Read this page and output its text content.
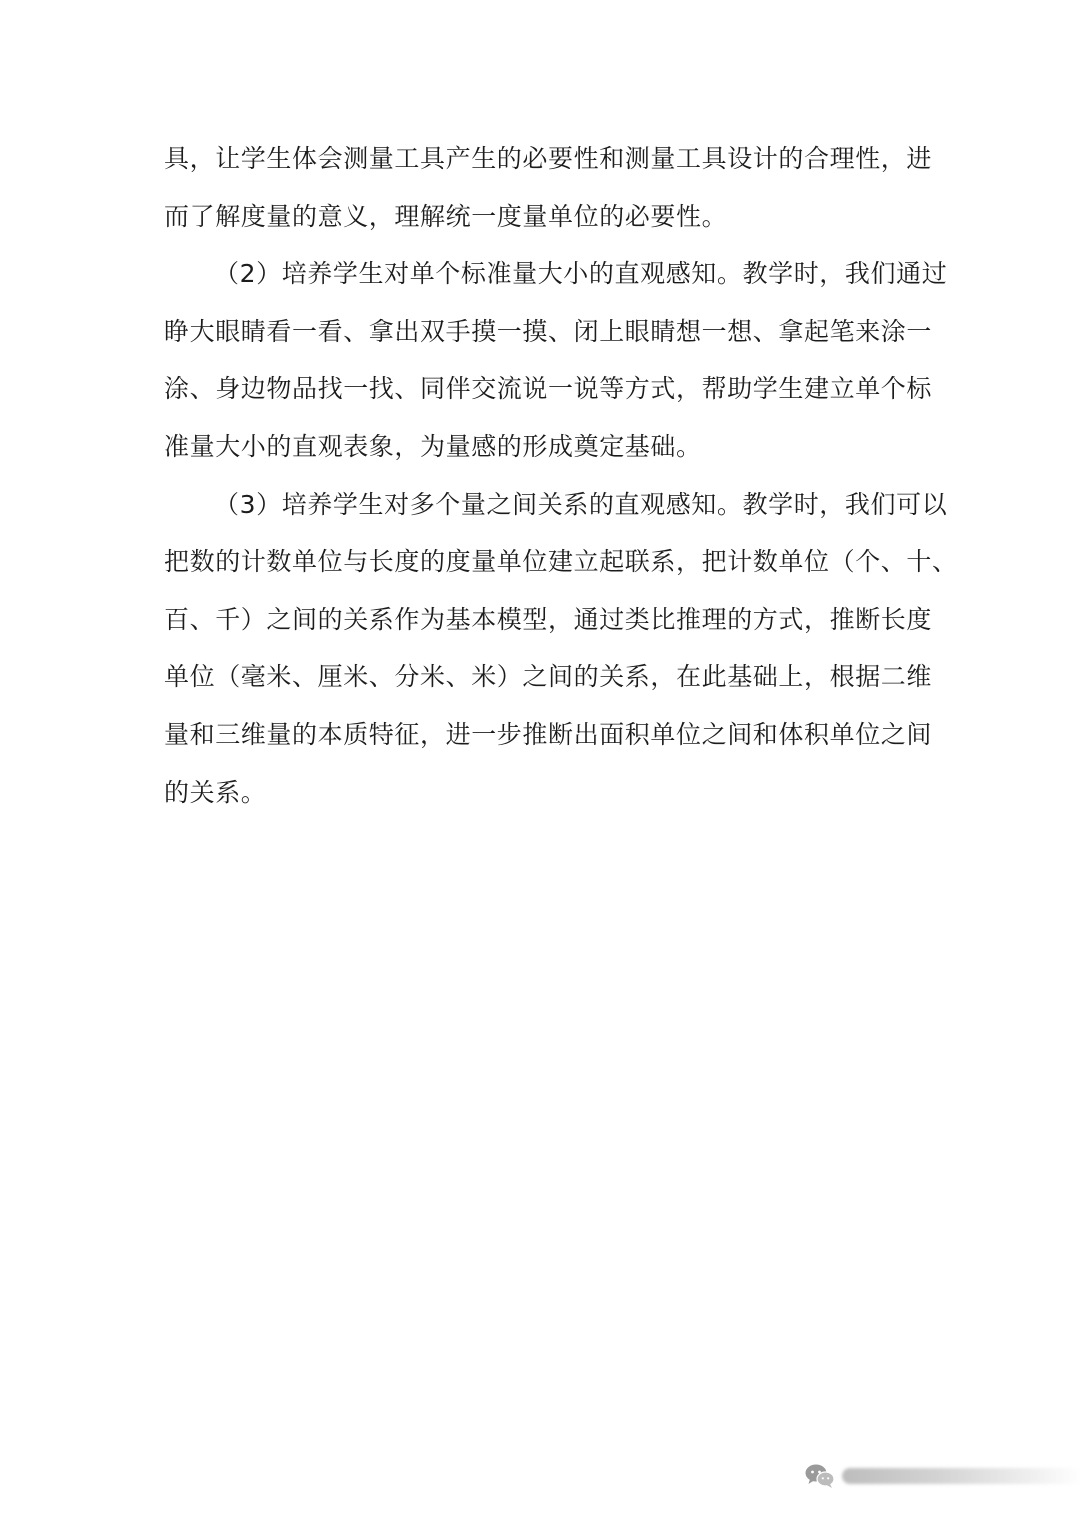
具，让学生体会测量工具产生的必要性和测量工具设计的合理性，进
而了解度量的意义，理解统一度量单位的必要性。
（2）培养学生对单个标准量大小的直观感知。教学时，我们通过
睁大眼睛看一看、拿出双手摸一摸、闭上眼睛想一想、拿起笔来涂一
涂、身边物品找一找、同伴交流说一说等方式，帮助学生建立单个标
准量大小的直观表象，为量感的形成奠定基础。
（3）培养学生对多个量之间关系的直观感知。教学时，我们可以
把数的计数单位与长度的度量单位建立起联系，把计数单位（个、十、
百、千）之间的关系作为基本模型，通过类比推理的方式，推断长度
单位（毫米、厘米、分米、米）之间的关系，在此基础上，根据二维
量和三维量的本质特征，进一步推断出面积单位之间和体积单位之间
的关系。
